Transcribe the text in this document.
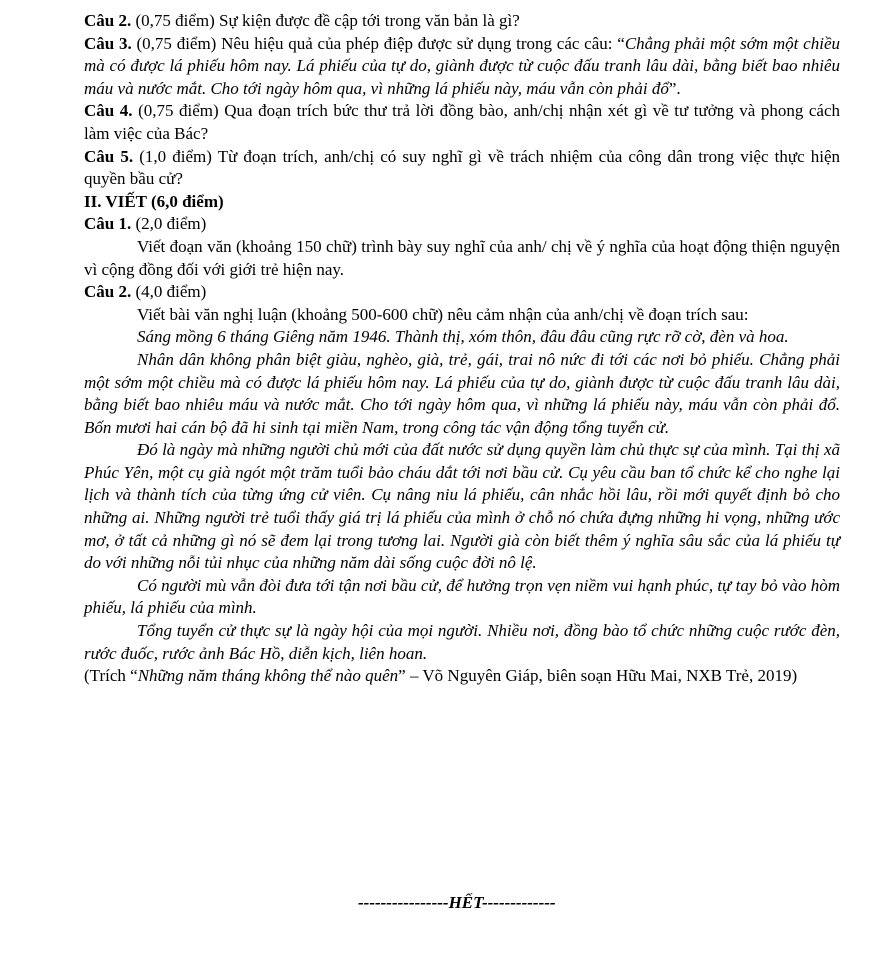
Câu 2. (0,75 điểm) Sự kiện được đề cập tới trong văn bản là gì?

Câu 3. (0,75 điểm) Nêu hiệu quả của phép điệp được sử dụng trong các câu: “Chẳng phải một sớm một chiều mà có được lá phiếu hôm nay. Lá phiếu của tự do, giành được từ cuộc đấu tranh lâu dài, bằng biết bao nhiêu máu và nước mắt. Cho tới ngày hôm qua, vì những lá phiếu này, máu vẫn còn phải đổ”.

Câu 4. (0,75 điểm) Qua đoạn trích bức thư trả lời đồng bào, anh/chị nhận xét gì về tư tưởng và phong cách làm việc của Bác?

Câu 5. (1,0 điểm) Từ đoạn trích, anh/chị có suy nghĩ gì về trách nhiệm của công dân trong việc thực hiện quyền bầu cử?

II. VIẾT (6,0 điểm)

Câu 1. (2,0 điểm)

Viết đoạn văn (khoảng 150 chữ) trình bày suy nghĩ của anh/ chị về ý nghĩa của hoạt động thiện nguyện vì cộng đồng đối với giới trẻ hiện nay.

Câu 2. (4,0 điểm)

Viết bài văn nghị luận (khoảng 500-600 chữ) nêu cảm nhận của anh/chị về đoạn trích sau:

Sáng mồng 6 tháng Giêng năm 1946. Thành thị, xóm thôn, đâu đâu cũng rực rỡ cờ, đèn và hoa.

Nhân dân không phân biệt giàu, nghèo, già, trẻ, gái, trai nô nức đi tới các nơi bỏ phiếu. Chẳng phải một sớm một chiều mà có được lá phiếu hôm nay. Lá phiếu của tự do, giành được từ cuộc đấu tranh lâu dài, bằng biết bao nhiêu máu và nước mắt. Cho tới ngày hôm qua, vì những lá phiếu này, máu vẫn còn phải đổ. Bốn mươi hai cán bộ đã hi sinh tại miền Nam, trong công tác vận động tổng tuyển cử.

Đó là ngày mà những người chủ mới của đất nước sử dụng quyền làm chủ thực sự của mình. Tại thị xã Phúc Yên, một cụ già ngót một trăm tuổi bảo cháu dắt tới nơi bầu cử. Cụ yêu cầu ban tổ chức kể cho nghe lại lịch và thành tích của từng ứng cử viên. Cụ nâng niu lá phiếu, cân nhắc hồi lâu, rồi mới quyết định bỏ cho những ai. Những người trẻ tuổi thấy giá trị lá phiếu của mình ở chỗ nó chứa đựng những hi vọng, những ước mơ, ở tất cả những gì nó sẽ đem lại trong tương lai. Người già còn biết thêm ý nghĩa sâu sắc của lá phiếu tự do với những nỗi tủi nhục của những năm dài sống cuộc đời nô lệ.

Có người mù vẫn đòi đưa tới tận nơi bầu cử, để hưởng trọn vẹn niềm vui hạnh phúc, tự tay bỏ vào hòm phiếu, lá phiếu của mình.

Tổng tuyển cử thực sự là ngày hội của mọi người. Nhiều nơi, đồng bào tổ chức những cuộc rước đèn, rước đuốc, rước ảnh Bác Hồ, diễn kịch, liên hoan.

(Trích “Những năm tháng không thể nào quên” – Võ Nguyên Giáp, biên soạn Hữu Mai, NXB Trẻ, 2019)

----------------HẾT-------------
